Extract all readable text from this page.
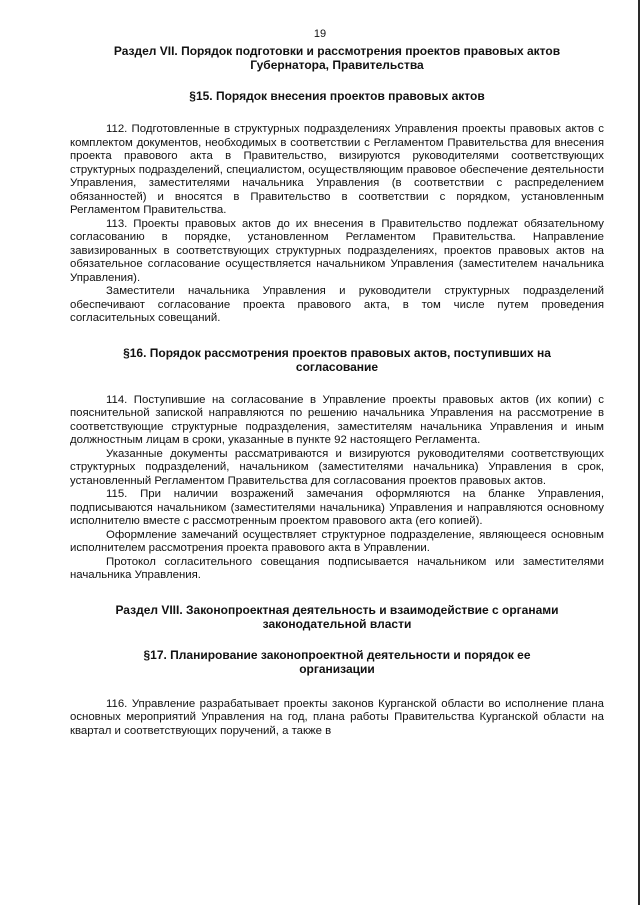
19
Раздел VII. Порядок подготовки и рассмотрения проектов правовых актов
Губернатора, Правительства
§15. Порядок внесения проектов правовых актов

112. Подготовленные в структурных подразделениях Управления проекты правовых актов с комплектом документов, необходимых в соответствии с Регламентом Правительства для внесения проекта правового акта в Правительство, визируются руководителями соответствующих структурных подразделений, специалистом, осуществляющим правовое обеспечение деятельности Управления, заместителями начальника Управления (в соответствии с распределением обязанностей) и вносятся в Правительство в соответствии с порядком, установленным Регламентом Правительства.

113. Проекты правовых актов до их внесения в Правительство подлежат обязательному согласованию в порядке, установленном Регламентом Правительства. Направление завизированных в соответствующих структурных подразделениях, проектов правовых актов на обязательное согласование осуществляется начальником Управления (заместителем начальника Управления).

Заместители начальника Управления и руководители структурных подразделений обеспечивают согласование проекта правового акта, в том числе путем проведения согласительных совещаний.

§16. Порядок рассмотрения проектов правовых актов, поступивших на
согласование

114. Поступившие на согласование в Управление проекты правовых актов (их копии) с пояснительной запиской направляются по решению начальника Управления на рассмотрение в соответствующие структурные подразделения, заместителям начальника Управления и иным должностным лицам в сроки, указанные в пункте 92 настоящего Регламента.

Указанные документы рассматриваются и визируются руководителями соответствующих структурных подразделений, начальником (заместителями начальника) Управления в срок, установленный Регламентом Правительства для согласования проектов правовых актов.

115. При наличии возражений замечания оформляются на бланке Управления, подписываются начальником (заместителями начальника) Управления и направляются основному исполнителю вместе с рассмотренным проектом правового акта (его копией).

Оформление замечаний осуществляет структурное подразделение, являющееся основным исполнителем рассмотрения проекта правового акта в Управлении.

Протокол согласительного совещания подписывается начальником или заместителями начальника Управления.

Раздел VIII. Законопроектная деятельность и взаимодействие с органами
законодательной власти
§17. Планирование законопроектной деятельности и порядок ее
организации

116. Управление разрабатывает проекты законов Курганской области во исполнение плана основных мероприятий Управления на год, плана работы Правительства Курганской области на квартал и соответствующих поручений, а также в
